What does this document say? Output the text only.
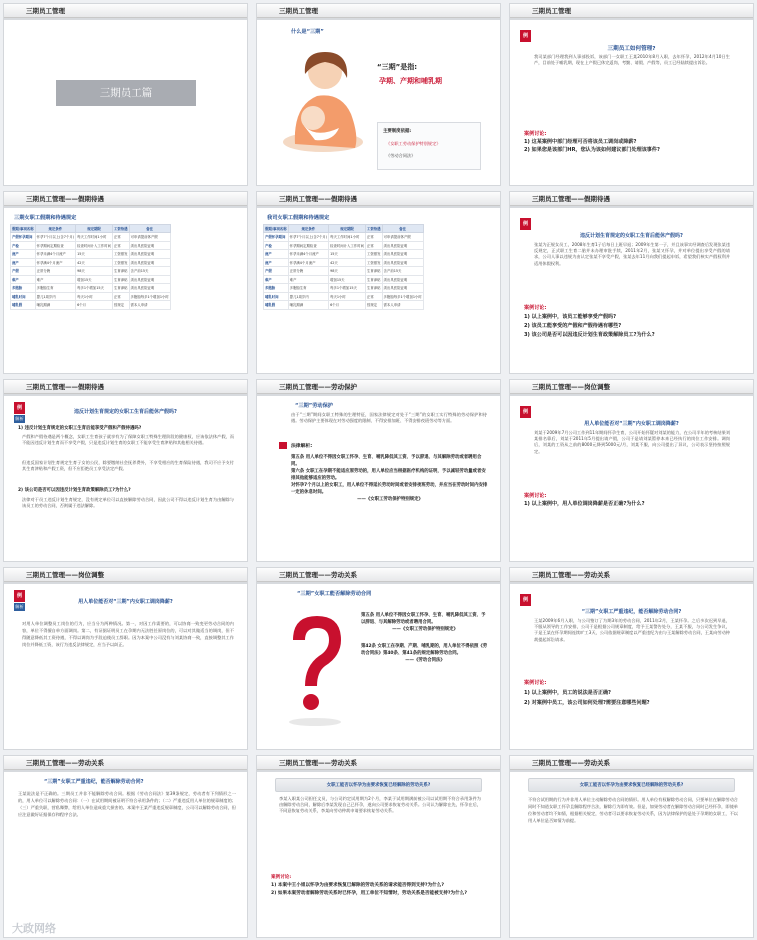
三期员工管理
三期员工篇
三期员工管理
什么是“三期”
“三期”是指:
孕期、产期和哺乳期
主要制度依据:
《女职工劳动保护特别规定》
《劳动合同法》
三期员工管理
例
三期员工如何管理?
我司某部门经理我到人事部投诉，该部门一女职工王某2010年8月入职，去年怀孕，2012年4月10日生产，目前处于哺乳期，现在上产假已休完返岗，考勤、请假、产假等，员工已经陆续提出诉讼。
案例讨论:
1) 这某案例中部门经理可否将该员工调岗或降薪?
2) 如果您是该部门HR，您认为该如何建议部门处理该事件?
三期员工管理——假期待遇
三期女职工假期和待遇规定
假期/事项名称	规定条件	规定期限	工资待遇	备注
产假怀孕期间	怀孕7个月以上(含7个月)	每天工作时间1小时	正常	可申请提前休产假
产检	怀孕期间定期检查	检查时间计入工作时间	正常	须出具医院证明
流产	怀孕未满4个月流产	15天	工资照发	须出具医院证明
流产	怀孕满4个月流产	42天	工资照发	须出具医院证明
产假	正常分娩	98天	生育津贴	含产前15天
难产	难产	增加15天	生育津贴	须出具医院证明
多胞胎	多胞胎生育	每多1个增加15天	生育津贴	须出具医院证明
哺乳时间	婴儿1周岁内	每天1小时	正常	多胞胎每多1个增加1小时
哺乳假	哺乳期满	6个月	按规定	需本人申请
三期员工管理——假期待遇
我司女职工假期和待遇规定
假期/事项名称	规定条件	规定期限	工资待遇	备注
产假怀孕期间	怀孕7个月以上(含7个月)	每天工作时间1小时	正常	可申请提前休产假
产检	怀孕期间定期检查	检查时间计入工作时间	正常	须出具医院证明
流产	怀孕未满4个月流产	15天	工资照发	须出具医院证明
流产	怀孕满4个月流产	42天	工资照发	须出具医院证明
产假	正常分娩	98天	生育津贴	含产前15天
难产	难产	增加15天	生育津贴	须出具医院证明
多胞胎	多胞胎生育	每多1个增加15天	生育津贴	须出具医院证明
哺乳时间	婴儿1周岁内	每天1小时	正常	多胞胎每多1个增加1小时
哺乳假	哺乳期满	6个月	按规定	需本人申请
三期员工管理——假期待遇
例
违反计划生育规定的女职工生育后能休产假吗?
张某为正规女员工，2008年生育1子后每日上班早退；2009年生第一子，并且该事实经调查后发现张某违反规定，正式职工生育二胎并未办理审批手续，2011年2月，张某又怀孕，并对单位提出享受产假的请求，公司人事以违规为由认定张某不享受产假，张某去年11月向我们提起申诉，希望我们核实产假权利并适用休假权利。
案例讨论:
1) 以上案例中，该员工能够享受产假吗?
2) 该员工能享受的产假和产假待遇有哪些?
3) 该公司是否可以因违反计划生育政策解除员工?为什么?
三期员工管理——假期待遇
例
解析
违反计划生育规定的女职工生育后能休产假吗?
1) 违反计划生育规定的女职工生育后能享受产假和产假待遇吗?
产假和产假待遇是两个概念，女职工生育孩子就享有为了保障女职工特殊生理阶段的健康权，应该依法休产假，而不能因违反计划生育而不享受产假，只是违反计划生育的女职工不能享受生育津贴和其他相关待遇。
但违反国家计划生育规定生育子女的公民，除要缴纳社会抚养费外，不享受相应的生育保险待遇，我司不应予支付其生育津贴和产假工资，但不应拒绝员工享受法定产假。
2) 该公司是否可以因违反计划生育政策解除员工?为什么?
法律对于员工违反计划生育规定，没有规定单位可以直接解除劳动合同，因此公司不得以违反计划生育为由解除与该员工的劳动合同，否则属于违法解除。
三期员工管理——劳动保护
“三期”劳动保护
由于“三期”期间女职工特殊的生理特征，国家法律规定对处于“三期”的女职工实行特殊的劳动保护和待遇。劳动保护主要体现在对劳动强度的限制、不得安排加班、不得安排夜班劳动等方面。
法律解析:
第五条 用人单位不得因女职工怀孕、生育、哺乳降低其工资、予以辞退、与其解除劳动或者聘用合同。
第六条 女职工在孕期不能适应原劳动的，用人单位应当根据医疗机构的证明，予以减轻劳动量或者安排其他能够适应的劳动。
对怀孕7个月以上的女职工，用人单位不得延长劳动时间或者安排夜班劳动，并应当在劳动时间内安排一定的休息时间。
——《女职工劳动保护特别规定》
三期员工管理——岗位调整
例
用人单位能否对“三期”内女职工调岗降薪?
刘某于2009年7月公司工作到11年期间怀孕生育，公司开始怀疑对刘某的能力，在公司半年的考核结果刘某排名靠后，刘某于2011年5月提出请产假，公司于是请刘某暂停本来已经执行的岗位工作安排。调岗后，刘某的工资从之前的8000元降到5000元/月，刘某不服，向公司提出了异议，公司表示坚持按照规定。
案例讨论:
1) 以上案例中，用人单位调岗降薪是否正确?为什么?
三期员工管理——岗位调整
例
解析
用人单位能否对“三期”内女职工调岗降薪?
对用人单位调整员工岗位的行为，应当分为两种情况。第一，对因工作需要的，可以协商一致变更劳动合同的内容，单位不得擅自单方面调岗。第二，有证据证明员工在孕期内无法胜任原岗位的，可以对其做适当的调岗，但不得随意降低其工资待遇，不得以调岗为手段迫使员工辞职。因为本案中公司没有与刘某协商一致，直接调整其工作岗位并降低工资，该行为违反法律规定，应当予以纠正。
三期员工管理——劳动关系
“三期”女职工能否解除劳动合同
第五条 用人单位不得因女职工怀孕、生育、哺乳降低其工资、予以辞退、与其解除劳动或者聘用合同。
——《女职工劳动保护特别规定》
第42条 女职工在孕期、产期、哺乳期的，用人单位不得依照《劳动合同法》第40条、第41条的规定解除劳动合同。
——《劳动合同法》
三期员工管理——劳动关系
例
“三期”女职工严重违纪，能否解除劳动合同?
王某2009年6月入职，与公司签订了为期3年的劳动合同，2011年2月，王某怀孕。之后多次迟到早退，不服从领导的工作安排，公司于是根据公司规章制度，给予王某警告处分，王某不服，与公司发生争议，于是王某在怀孕期间连续旷工3天，公司依据规章制度以严重违纪为由与王某解除劳动合同，王某向劳动仲裁提起诉讼请求。
案例讨论:
1) 以上案例中，员工的说法是否正确?
2) 对案例中员工，该公司如何处理?需要注意哪些问题?
三期员工管理——劳动关系
“三期”女职工严重违纪，能否解除劳动合同?
王某说法是不正确的。三期员工并非不能解除劳动合同。根据《劳动合同法》第39条规定，劳动者有下列情形之一的，用人单位可以解除劳动合同：（一）在试用期间被证明不符合录用条件的；（二）严重违反用人单位的规章制度的；（三）严重失职，营私舞弊，给用人单位造成重大损害的。本案中王某严重违反规章制度，公司可以解除劳动合同，但应注意做好证据保存和程序合法。
三期员工管理——劳动关系
女职工能否以怀孕为由要求恢复已经解除的劳动关系?
李某入职某公司担任文员，与公司约定试用期为2个月，李某于试用期满前被公司以试用期不符合录用条件为由解除劳动合同，解除后李某发现自己已怀孕，遂向公司要求恢复劳动关系。公司认为解除在先，怀孕在后，不同意恢复劳动关系，李某向劳动仲裁申请要求恢复劳动关系。
案例讨论:
1) 本案中王小姐以怀孕为由要求恢复已解除的劳动关系的请求能否得到支持?为什么?
2) 如果本案劳动者解除劳动关系时已怀孕，用工单位不知情时，劳动关系是否能被支持?为什么?
三期员工管理——劳动关系
女职工能否以怀孕为由要求恢复已经解除的劳动关系?
不符合试用期的行为并非用人单位主动解除劳动合同的情形。用人单位有权解除劳动合同，只要单位在解除劳动合同时不知道女职工怀孕且解除程序合法，解除行为即有效。但是，如果劳动者在解除劳动合同时已经怀孕，即使单位和劳动者均不知情，根据相关规定，劳动者可以要求恢复劳动关系，因为法律保护的是处于孕期的女职工，不以用人单位是否知情为前提。
大政网络
